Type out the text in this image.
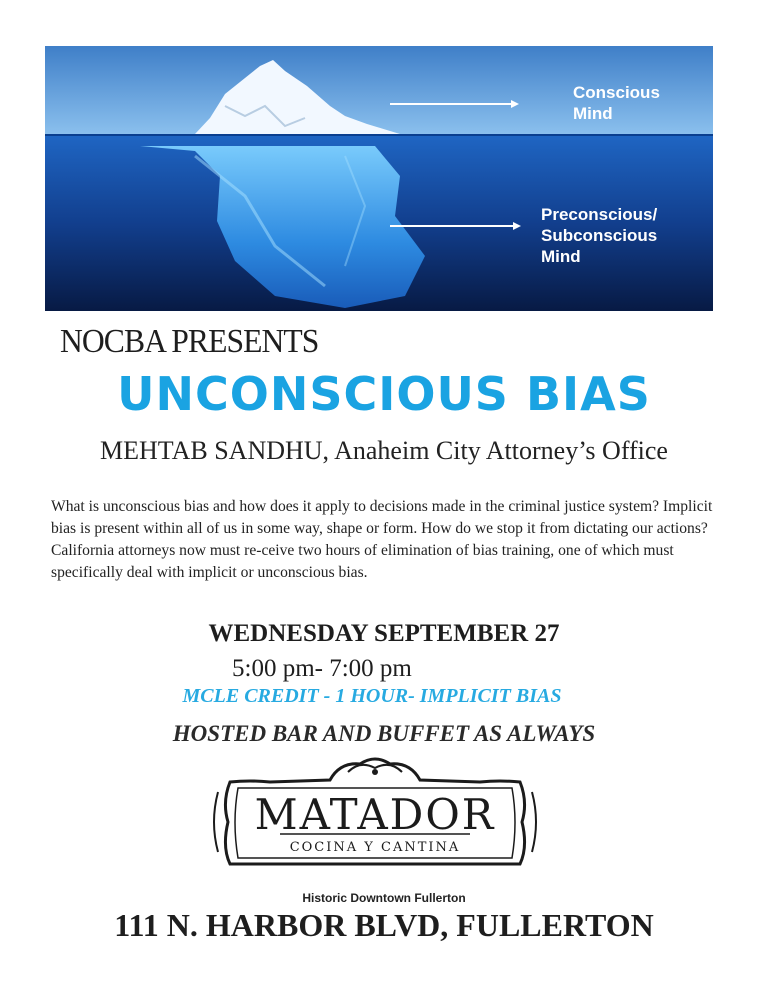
Conscious
Mind
Preconscious/
Subconscious
Mind
NOCBA PRESENTS
UNCONSCIOUS BIAS
MEHTAB SANDHU, Anaheim City Attorney’s Office
What is unconscious bias and how does it apply to decisions made in the criminal justice system? Implicit bias is present within all of us in some way, shape or form. How do we stop it from dictating our actions? California attorneys now must re-ceive two hours of elimination of bias training, one of which must specifically deal with implicit or unconscious bias.
WEDNESDAY SEPTEMBER 27
5:00 pm- 7:00 pm
MCLE CREDIT - 1 HOUR- IMPLICIT BIAS
HOSTED BAR AND BUFFET AS ALWAYS
MATADOR
COCINA Y CANTINA
Historic Downtown Fullerton
111 N. HARBOR BLVD, FULLERTON
